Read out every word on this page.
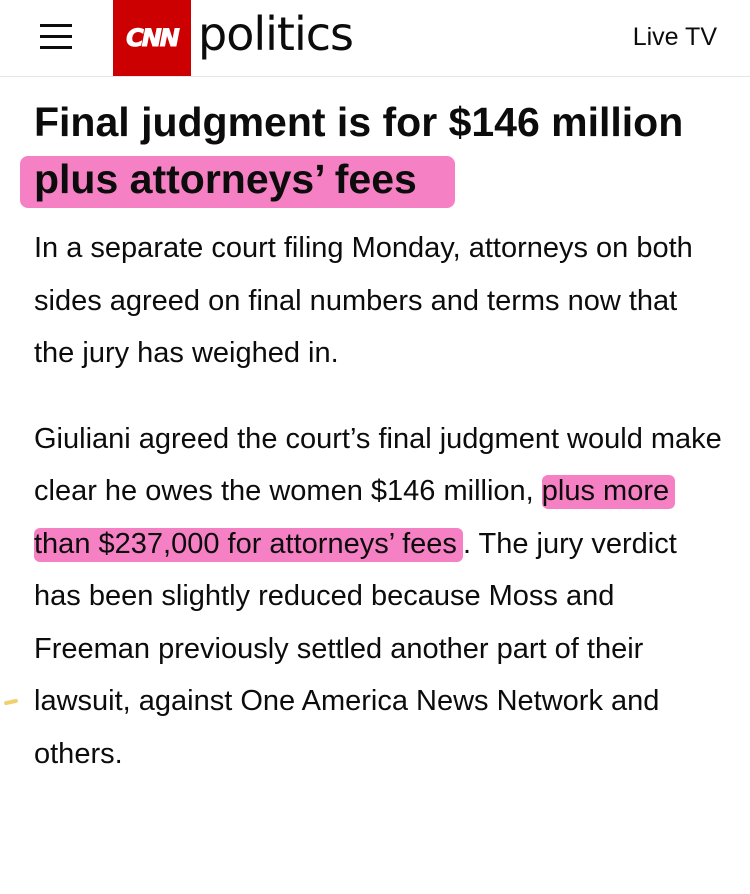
CNN politics	Live TV
Final judgment is for $146 million plus attorneys’ fees

In a separate court filing Monday, attorneys on both sides agreed on final numbers and terms now that the jury has weighed in.

Giuliani agreed the court’s final judgment would make clear he owes the women $146 million, plus more than $237,000 for attorneys’ fees . The jury verdict has been slightly reduced because Moss and Freeman previously settled another part of their lawsuit, against One America News Network and others.
